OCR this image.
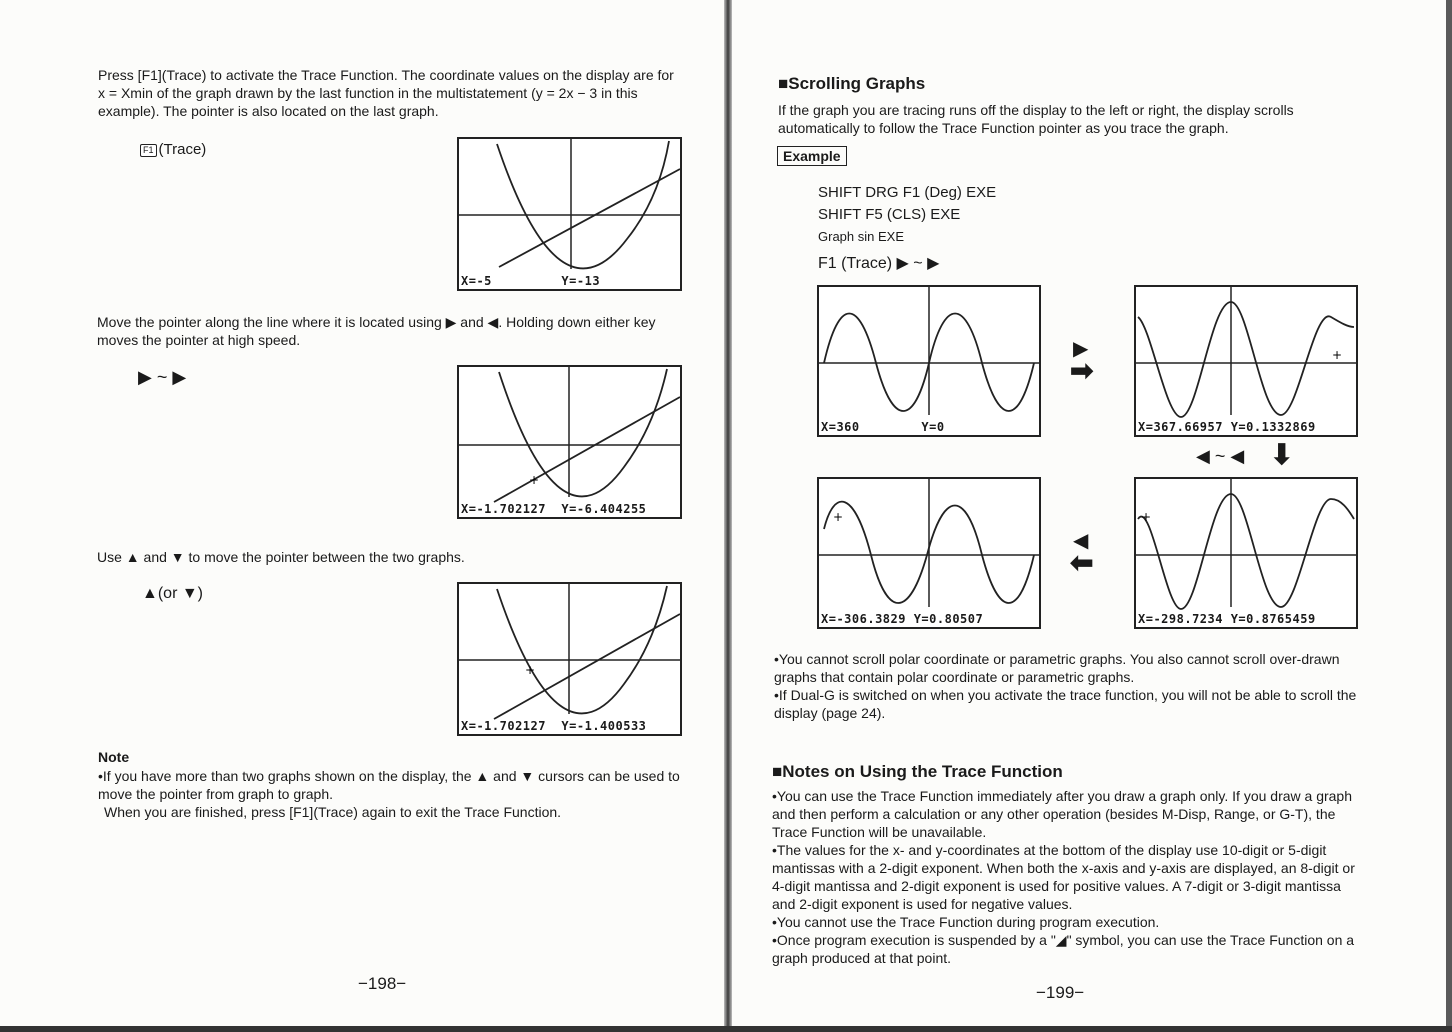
Press [F1](Trace) to activate the Trace Function. The coordinate values on the display are for x = Xmin of the graph drawn by the last function in the multistatement (y = 2x − 3 in this example). The pointer is also located on the last graph.
F1 (Trace)
X=-5         Y=-13
Move the pointer along the line where it is located using ▶ and ◀. Holding down either key moves the pointer at high speed.
▶ ~ ▶
+
X=-1.702127  Y=-6.404255
Use ▲ and ▼ to move the pointer between the two graphs.
▲(or ▼)
+
X=-1.702127  Y=-1.400533
Note
•If you have more than two graphs shown on the display, the ▲ and ▼ cursors can be used to move the pointer from graph to graph.
When you are finished, press [F1](Trace) again to exit the Trace Function.
−198−
■Scrolling Graphs
If the graph you are tracing runs off the display to the left or right, the display scrolls automatically to follow the Trace Function pointer as you trace the graph.
Example
SHIFT DRG F1 (Deg) EXE
SHIFT F5 (CLS) EXE
Graph sin EXE
F1 (Trace) ▶ ~ ▶
X=360        Y=0
+
X=367.66957 Y=0.1332869
+
X=-306.3829 Y=0.80507
+
X=-298.7234 Y=0.8765459
▶
➡
◀ ~ ◀ ⬇
◀
⬅
•You cannot scroll polar coordinate or parametric graphs. You also cannot scroll over-drawn graphs that contain polar coordinate or parametric graphs.
•If Dual-G is switched on when you activate the trace function, you will not be able to scroll the display (page 24).
■Notes on Using the Trace Function
•You can use the Trace Function immediately after you draw a graph only. If you draw a graph and then perform a calculation or any other operation (besides M-Disp, Range, or G-T), the Trace Function will be unavailable.
•The values for the x- and y-coordinates at the bottom of the display use 10-digit or 5-digit mantissas with a 2-digit exponent. When both the x-axis and y-axis are displayed, an 8-digit or 4-digit mantissa and 2-digit exponent is used for positive values. A 7-digit or 3-digit mantissa and 2-digit exponent is used for negative values.
•You cannot use the Trace Function during program execution.
•Once program execution is suspended by a "◢" symbol, you can use the Trace Function on a graph produced at that point.
−199−
